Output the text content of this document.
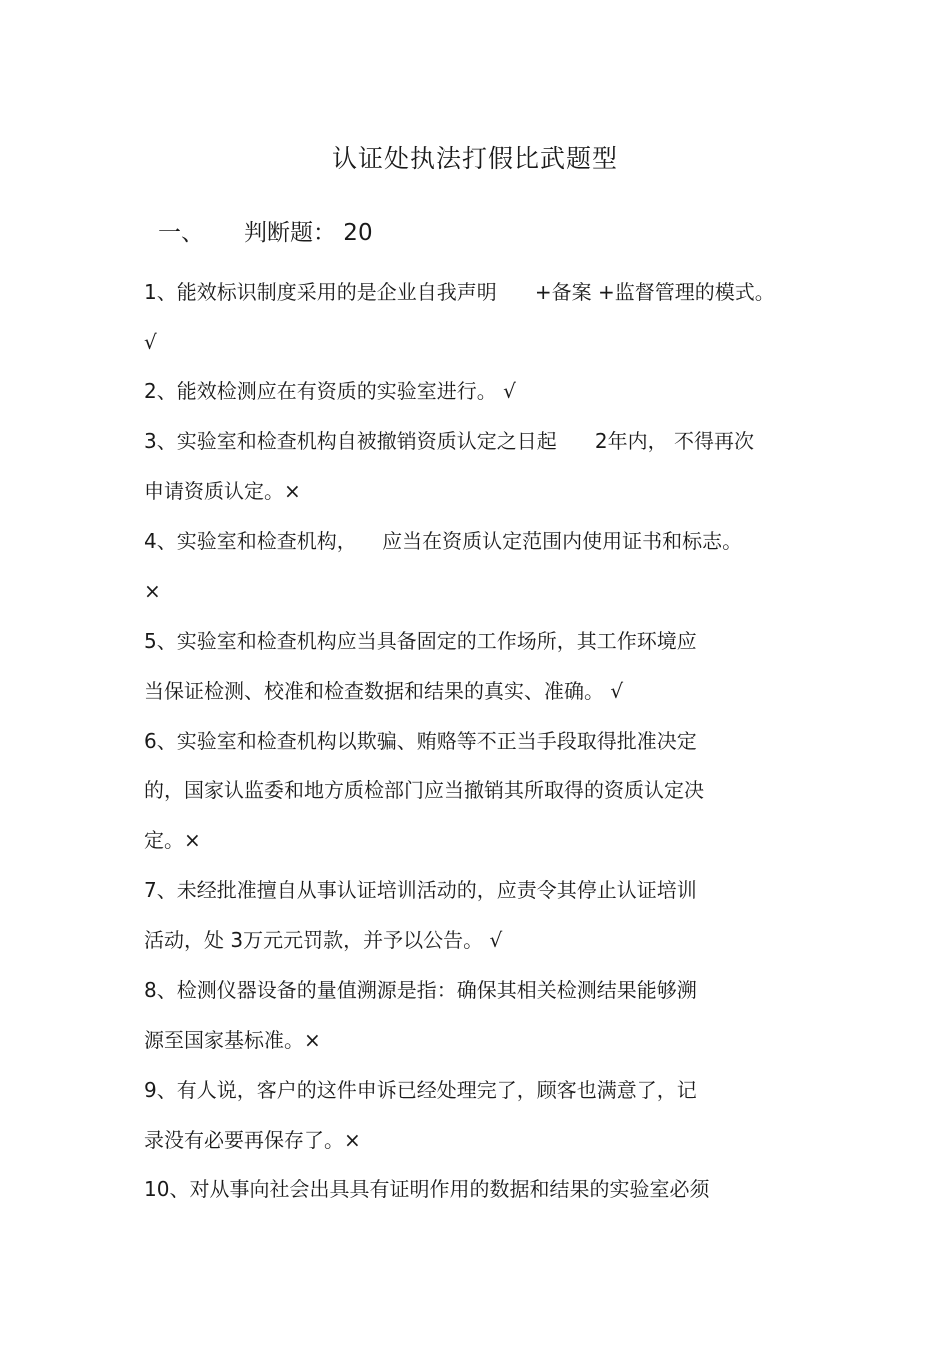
认证处执法打假比武题型
一、 判断题： 20
1、能效标识制度采用的是企业自我声明      +备案 +监督管理的模式。
√
2、能效检测应在有资质的实验室进行。 √
3、实验室和检查机构自被撤销资质认定之日起      2年内， 不得再次
申请资质认定。×
4、实验室和检查机构，    应当在资质认定范围内使用证书和标志。
×
5、实验室和检查机构应当具备固定的工作场所，其工作环境应
当保证检测、校准和检查数据和结果的真实、准确。 √
6、实验室和检查机构以欺骗、贿赂等不正当手段取得批准决定
的，国家认监委和地方质检部门应当撤销其所取得的资质认定决
定。×
7、未经批准擅自从事认证培训活动的，应责令其停止认证培训
活动，处 3万元元罚款，并予以公告。 √
8、检测仪器设备的量值溯源是指：确保其相关检测结果能够溯
源至国家基标准。×
9、有人说，客户的这件申诉已经处理完了，顾客也满意了，记
录没有必要再保存了。×
10、对从事向社会出具具有证明作用的数据和结果的实验室必须
